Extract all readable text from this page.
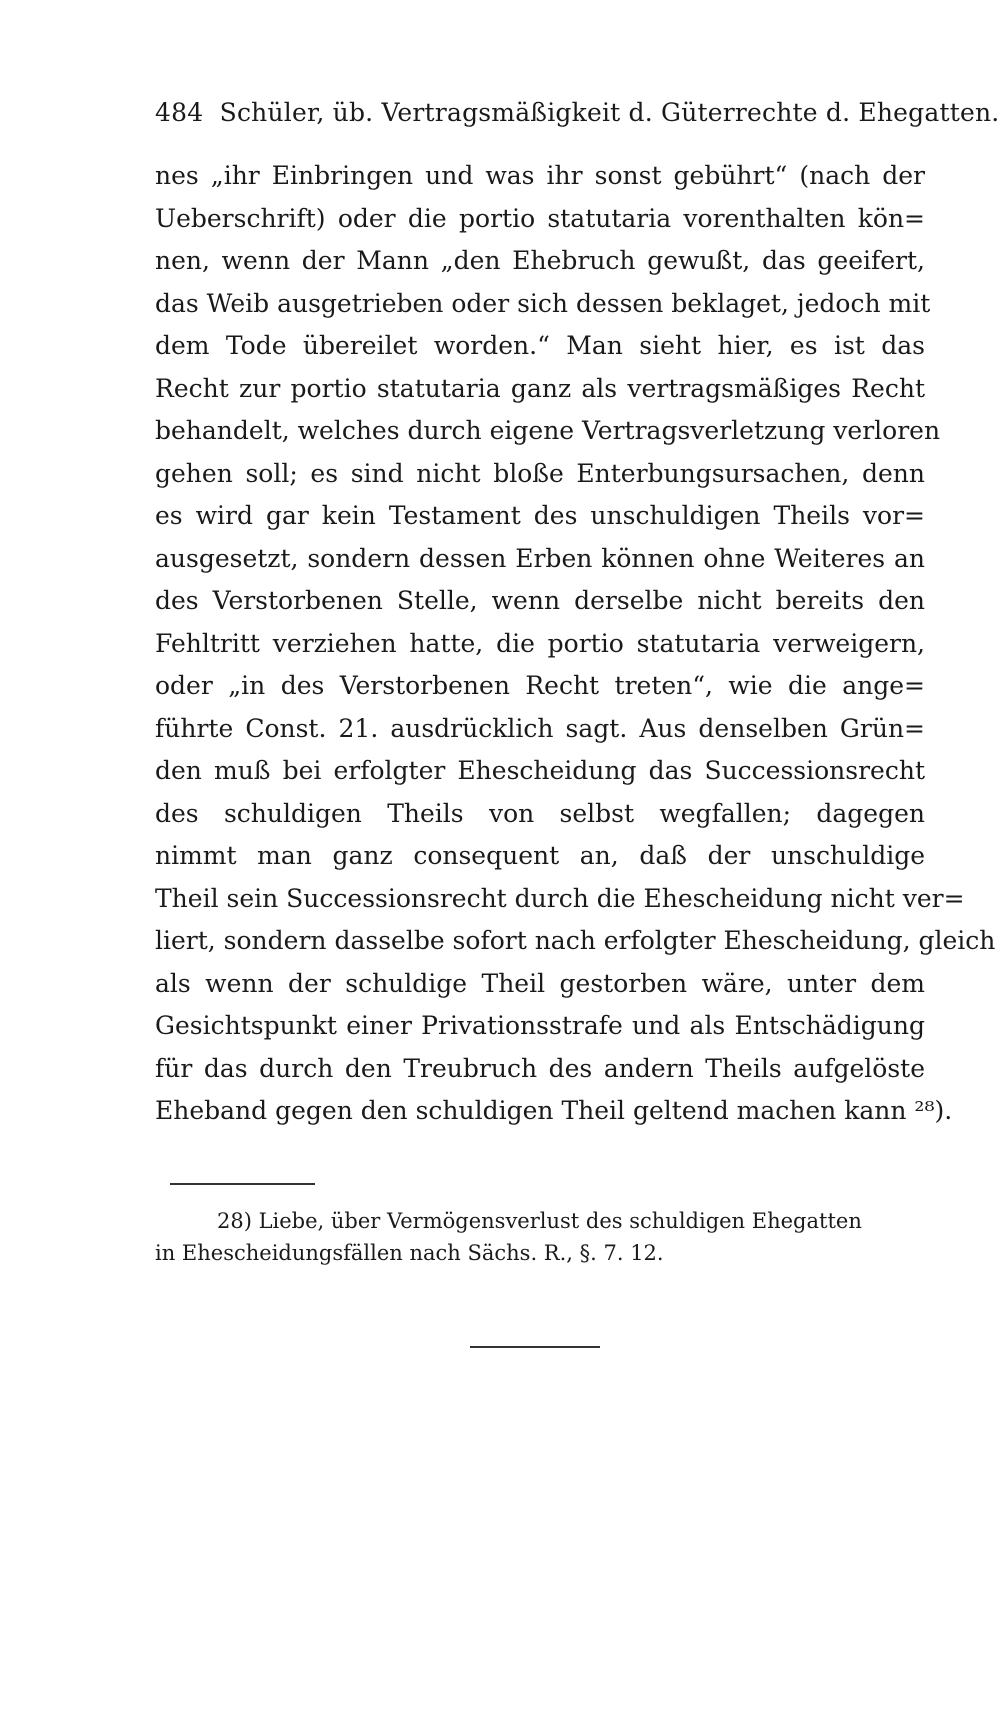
484 Schüler, üb. Vertragsmäßigkeit d. Güterrechte d. Ehegatten.
nes „ihr Einbringen und was ihr sonst gebührt“ (nach der
Ueberschrift) oder die portio statutaria vorenthalten kön=
nen, wenn der Mann „den Ehebruch gewußt, das geeifert,
das Weib ausgetrieben oder sich dessen beklaget, jedoch mit
dem Tode übereilet worden.“ Man sieht hier, es ist das
Recht zur portio statutaria ganz als vertragsmäßiges Recht
behandelt, welches durch eigene Vertragsverletzung verloren
gehen soll; es sind nicht bloße Enterbungsursachen, denn
es wird gar kein Testament des unschuldigen Theils vor=
ausgesetzt, sondern dessen Erben können ohne Weiteres an
des Verstorbenen Stelle, wenn derselbe nicht bereits den
Fehltritt verziehen hatte, die portio statutaria verweigern,
oder „in des Verstorbenen Recht treten“, wie die ange=
führte Const. 21. ausdrücklich sagt. Aus denselben Grün=
den muß bei erfolgter Ehescheidung das Successionsrecht
des schuldigen Theils von selbst wegfallen; dagegen
nimmt man ganz consequent an, daß der unschuldige
Theil sein Successionsrecht durch die Ehescheidung nicht ver=
liert, sondern dasselbe sofort nach erfolgter Ehescheidung, gleich
als wenn der schuldige Theil gestorben wäre, unter dem
Gesichtspunkt einer Privationsstrafe und als Entschädigung
für das durch den Treubruch des andern Theils aufgelöste
Eheband gegen den schuldigen Theil geltend machen kann ²⁸).
28) Liebe, über Vermögensverlust des schuldigen Ehegatten
in Ehescheidungsfällen nach Sächs. R., §. 7. 12.
